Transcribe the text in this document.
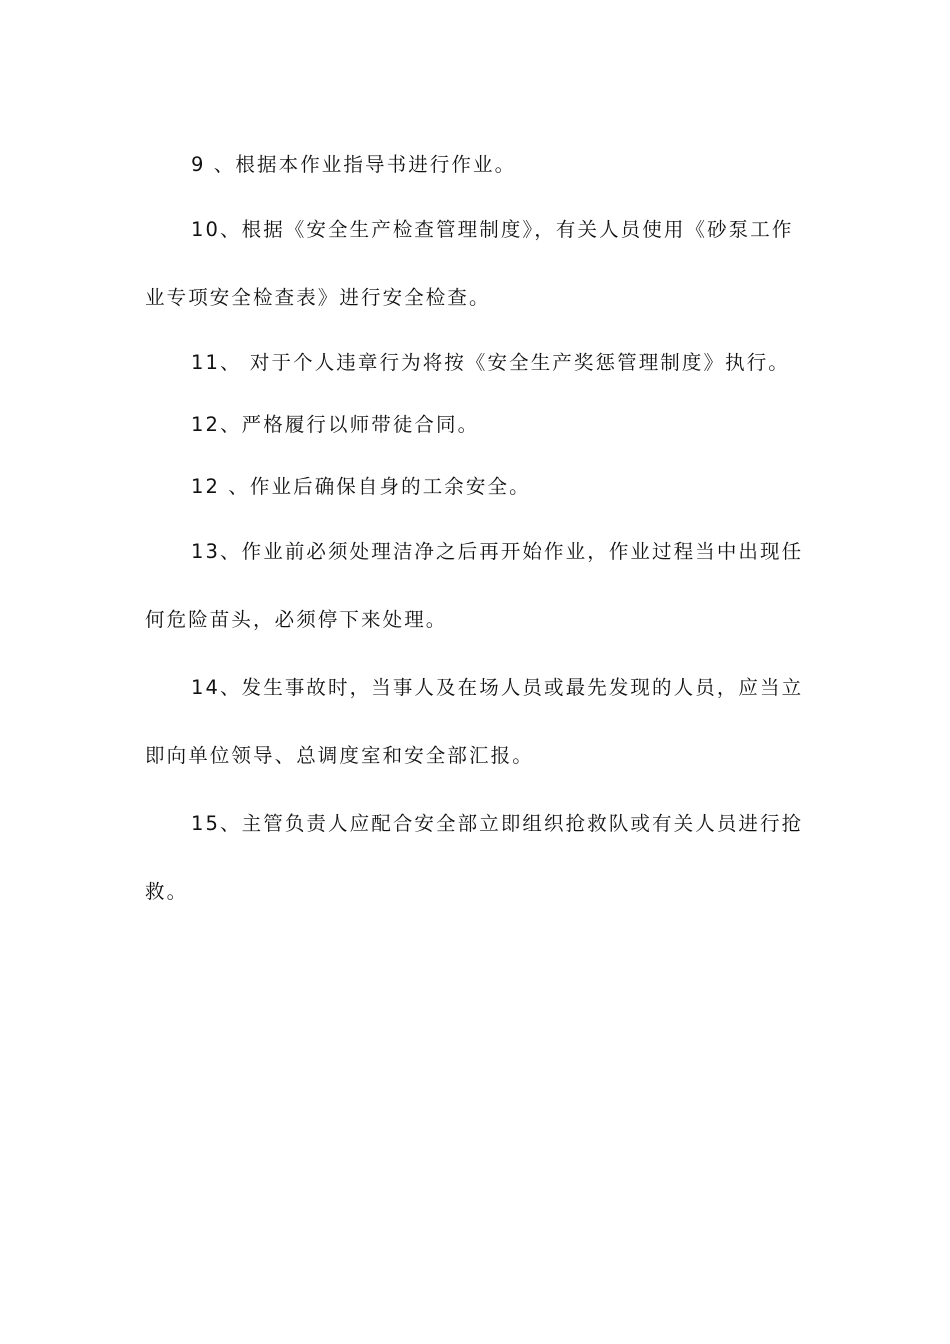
9 、根据本作业指导书进行作业。

10、根据《安全生产检查管理制度》，有关人员使用《砂泵工作业专项安全检查表》进行安全检查。

11、 对于个人违章行为将按《安全生产奖惩管理制度》执行。

12、严格履行以师带徒合同。

12 、作业后确保自身的工余安全。

13、作业前必须处理洁净之后再开始作业，作业过程当中出现任何危险苗头，必须停下来处理。

14、发生事故时，当事人及在场人员或最先发现的人员，应当立即向单位领导、总调度室和安全部汇报。

15、主管负责人应配合安全部立即组织抢救队或有关人员进行抢救。
